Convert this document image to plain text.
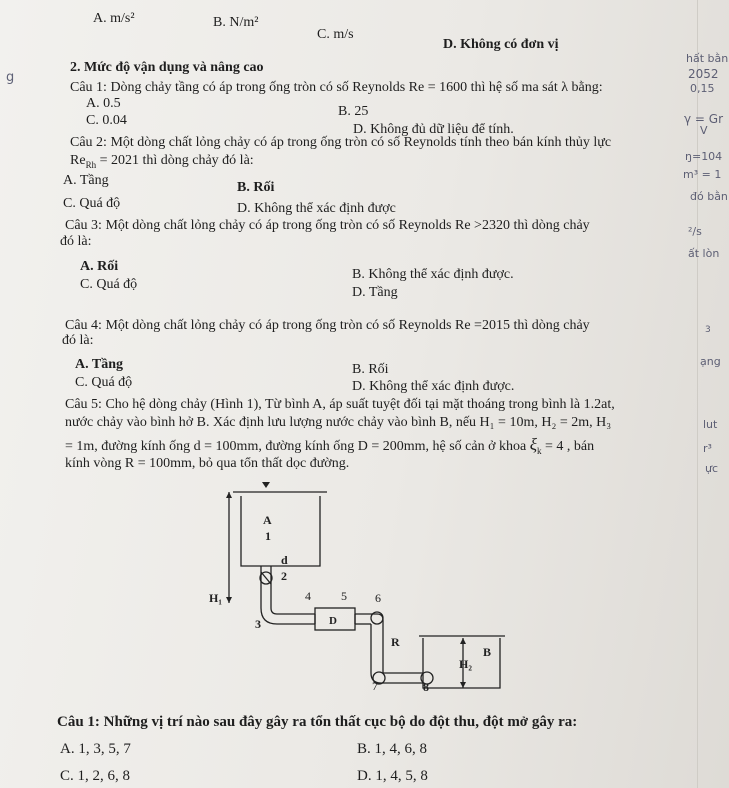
A. m/s²	B. N/m²
C. m/s
D. Không có đơn vị
2. Mức độ vận dụng và nâng cao
Câu 1: Dòng chảy tầng có áp trong ống tròn có số Reynolds Re = 1600 thì hệ số ma sát λ bằng:
A. 0.5
B. 25
C. 0.04
D. Không đủ dữ liệu để tính.
Câu 2: Một dòng chất lỏng chảy có áp trong ống tròn có số Reynolds tính theo bán kính thủy lực
$Re_{Rh} = 2021$ thì dòng chảy đó là:
A. Tầng	B. Rối
C. Quá độ	D. Không thể xác định được
Câu 3: Một dòng chất lỏng chảy có áp trong ống tròn có số Reynolds Re >2320 thì dòng chảy
đó là:
A. Rối
B. Không thể xác định được.
C. Quá độ
D. Tầng
Câu 4: Một dòng chất lỏng chảy có áp trong ống tròn có số Reynolds Re =2015 thì dòng chảy
đó là:
A. Tầng	B. Rối
C. Quá độ	D. Không thể xác định được.
Câu 5: Cho hệ dòng chảy (Hình 1), Từ bình A, áp suất tuyệt đối tại mặt thoáng trong bình là 1.2at,
nước chảy vào bình hở B. Xác định lưu lượng nước chảy vào bình B, nếu H₁ = 10m, H₂ = 2m, H₃
= 1m, đường kính ống d = 100mm, đường kính ống D = 200mm, hệ số cản ở khoa $\xi_k = 4$ , bán
kính vòng R = 100mm, bỏ qua tổn thất dọc đường.
A
B
H₁
H₂
d
D
R
1
2
3
4	5 6
7	8
Câu 1: Những vị trí nào sau đây gây ra tổn thất cục bộ do đột thu, đột mở gây ra:
A. 1, 3, 5, 7	B. 1, 4, 6, 8
C. 1, 2, 6, 8	D. 1, 4, 5, 8
hất bằn
2052
0,15
γ = Gr
V
ŋ=104
m³ = 1
đó bằn
²/s
ất lòn
3
ạng
lut
r³
ực
g
